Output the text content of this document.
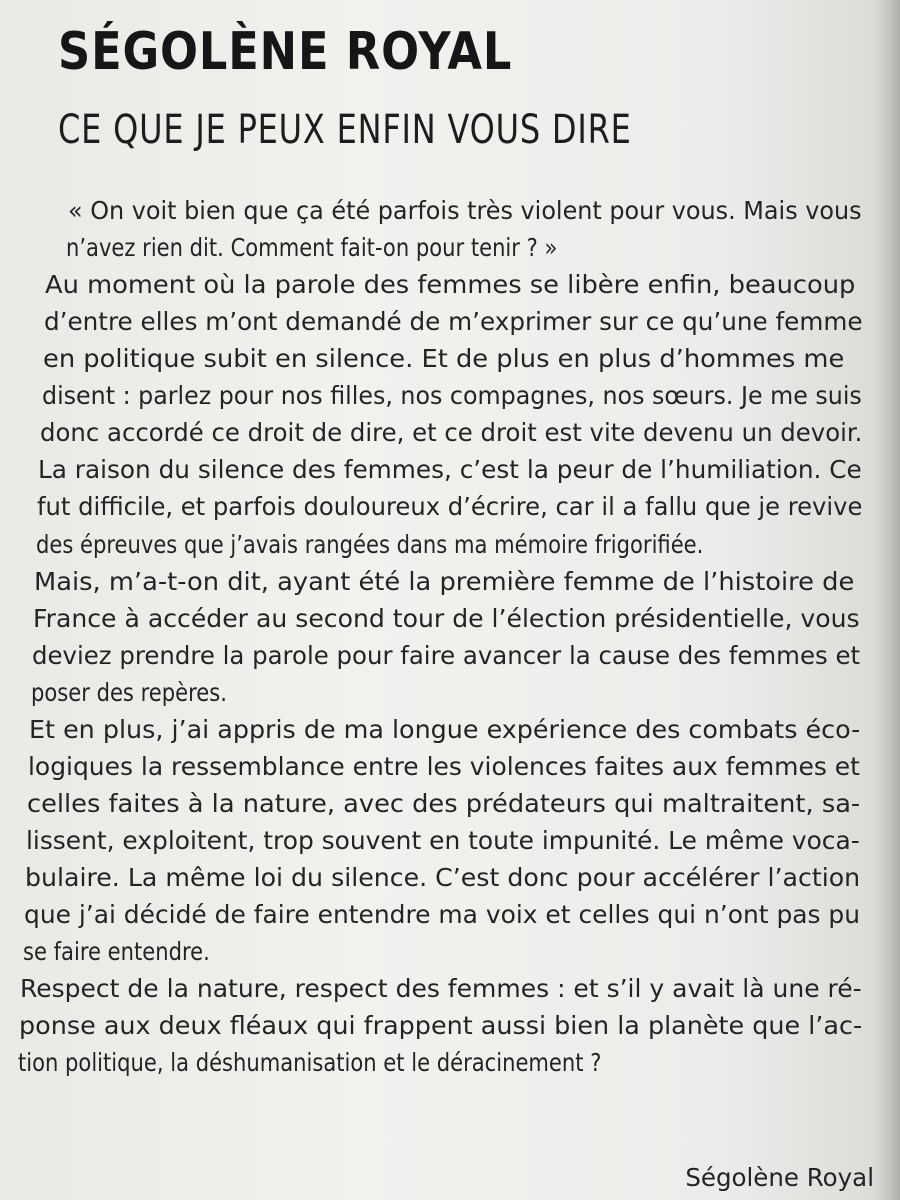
SÉGOLÈNE ROYAL
CE QUE JE PEUX ENFIN VOUS DIRE
« On voit bien que ça été parfois très violent pour vous. Mais vous
n’avez rien dit. Comment fait-on pour tenir ? »
Au moment où la parole des femmes se libère enfin, beaucoup
d’entre elles m’ont demandé de m’exprimer sur ce qu’une femme
en politique subit en silence. Et de plus en plus d’hommes me
disent : parlez pour nos filles, nos compagnes, nos sœurs. Je me suis
donc accordé ce droit de dire, et ce droit est vite devenu un devoir.
La raison du silence des femmes, c’est la peur de l’humiliation. Ce
fut difficile, et parfois douloureux d’écrire, car il a fallu que je revive
des épreuves que j’avais rangées dans ma mémoire frigorifiée.
Mais, m’a-t-on dit, ayant été la première femme de l’histoire de
France à accéder au second tour de l’élection présidentielle, vous
deviez prendre la parole pour faire avancer la cause des femmes et
poser des repères.
Et en plus, j’ai appris de ma longue expérience des combats éco-
logiques la ressemblance entre les violences faites aux femmes et
celles faites à la nature, avec des prédateurs qui maltraitent, sa-
lissent, exploitent, trop souvent en toute impunité. Le même voca-
bulaire. La même loi du silence. C’est donc pour accélérer l’action
que j’ai décidé de faire entendre ma voix et celles qui n’ont pas pu
se faire entendre.
Respect de la nature, respect des femmes : et s’il y avait là une ré-
ponse aux deux fléaux qui frappent aussi bien la planète que l’ac-
tion politique, la déshumanisation et le déracinement ?
Ségolène Royal
